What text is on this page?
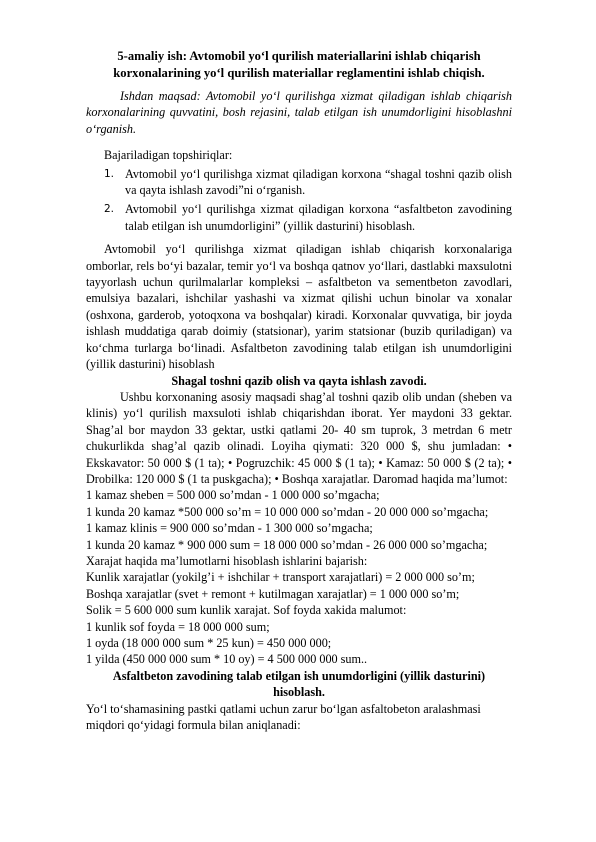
5-amaliy ish: Avtomobil yo‘l qurilish materiallarini ishlab chiqarish
korxonalarining yo‘l qurilish materiallar reglamentini ishlab chiqish.
Ishdan maqsad: Avtomobil yo‘l qurilishga xizmat qiladigan ishlab chiqarish korxonalarining quvvatini, bosh rejasini, talab etilgan ish unumdorligini hisoblashni o‘rganish.
Bajariladigan topshiriqlar:
1. Avtomobil yo‘l qurilishga xizmat qiladigan korxona “shagal toshni qazib olish va qayta ishlash zavodi”ni o‘rganish.
2. Avtomobil yo‘l qurilishga xizmat qiladigan korxona “asfaltbeton zavodining talab etilgan ish unumdorligini” (yillik dasturini) hisoblash.
Avtomobil yo‘l qurilishga xizmat qiladigan ishlab chiqarish korxonalariga omborlar, rels bo‘yi bazalar, temir yo‘l va boshqa qatnov yo‘llari, dastlabki maxsulotni tayyorlash uchun qurilmalarlar kompleksi – asfaltbeton va sementbeton zavodlari, emulsiya bazalari, ishchilar yashashi va xizmat qilishi uchun binolar va xonalar (oshxona, garderob, yotoqxona va boshqalar) kiradi. Korxonalar quvvatiga, bir joyda ishlash muddatiga qarab doimiy (statsionar), yarim statsionar (buzib quriladigan) va ko‘chma turlarga bo‘linadi. Asfaltbeton zavodining talab etilgan ish unumdorligini (yillik dasturini) hisoblash
Shagal toshni qazib olish va qayta ishlash zavodi.
Ushbu korxonaning asosiy maqsadi shag’al toshni qazib olib undan (sheben va klinis) yo‘l qurilish maxsuloti ishlab chiqarishdan iborat. Yer maydoni 33 gektar. Shag’al bor maydon 33 gektar, ustki qatlami 20- 40 sm tuprok, 3 metrdan 6 metr chukurlikda shag’al qazib olinadi. Loyiha qiymati: 320 000 $, shu jumladan: • Ekskavator: 50 000 $ (1 ta); • Pogruzchik: 45 000 $ (1 ta); • Kamaz: 50 000 $ (2 ta); • Drobilka: 120 000 $ (1 ta puskgacha); • Boshqa xarajatlar. Daromad haqida ma’lumot:
1 kamaz sheben = 500 000 so’mdan - 1 000 000 so’mgacha;
1 kunda 20 kamaz *500 000 so’m = 10 000 000 so’mdan - 20 000 000 so’mgacha;
1 kamaz klinis = 900 000 so’mdan - 1 300 000 so’mgacha;
1 kunda 20 kamaz * 900 000 sum = 18 000 000 so’mdan - 26 000 000 so’mgacha;
Xarajat haqida ma’lumotlarni hisoblash ishlarini bajarish:
Kunlik xarajatlar (yokilg’i + ishchilar + transport xarajatlari) = 2 000 000 so’m;
Boshqa xarajatlar (svet + remont + kutilmagan xarajatlar) = 1 000 000 so’m;
Solik = 5 600 000 sum kunlik xarajat. Sof foyda xakida malumot:
1 kunlik sof foyda = 18 000 000 sum;
1 oyda (18 000 000 sum * 25 kun) = 450 000 000;
1 yilda (450 000 000 sum * 10 oy) = 4 500 000 000 sum..
Asfaltbeton zavodining talab etilgan ish unumdorligini (yillik dasturini) hisoblash.
Yo‘l to‘shamasining pastki qatlami uchun zarur bo‘lgan asfaltobeton aralashmasi miqdori qo‘yidagi formula bilan aniqlanadi:
